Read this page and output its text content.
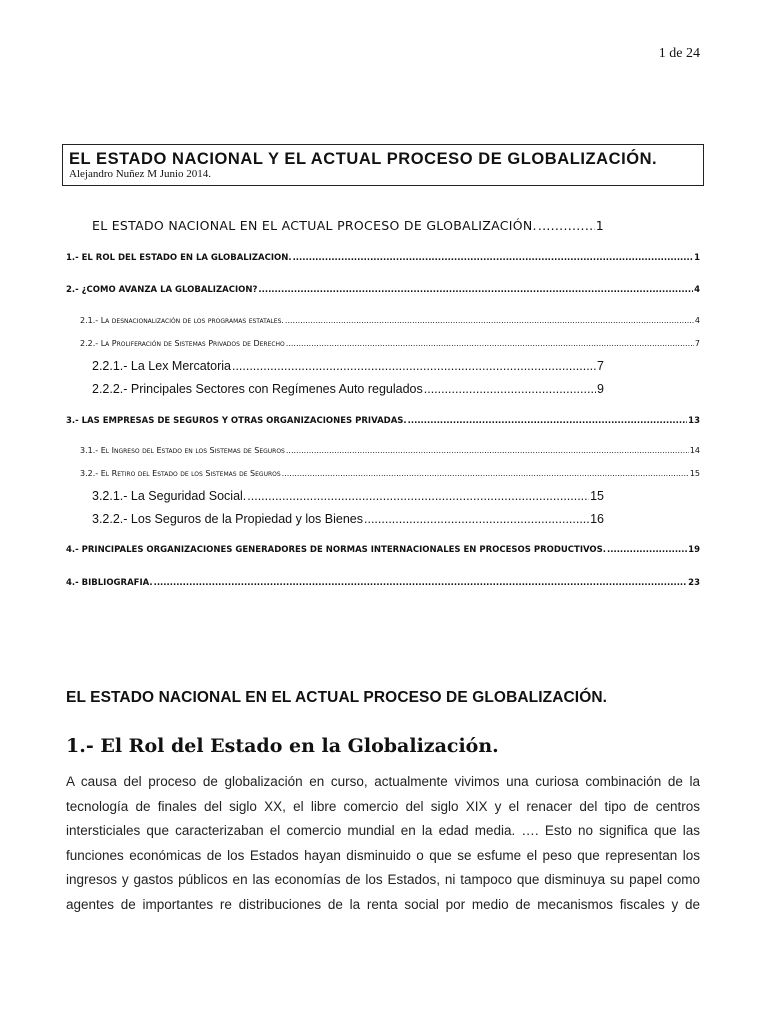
1 de 24
EL ESTADO NACIONAL Y EL ACTUAL PROCESO DE GLOBALIZACIÓN.
Alejandro Nuñez M Junio 2014.
EL ESTADO NACIONAL EN EL ACTUAL PROCESO DE GLOBALIZACIÓN. .....	1
1.- EL ROL DEL ESTADO EN LA GLOBALIZACIÓN. .....	1
2.- ¿CÓMO AVANZA LA GLOBALIZACIÓN? .....	4
2.1.- La desnacionalización de los programas estatales. .....	4
2.2.- La Proliferación de Sistemas Privados de Derecho .....	7
2.2.1.- La Lex Mercatoria .....	7
2.2.2.- Principales Sectores con Regímenes Auto regulados .....	9
3.- LAS EMPRESAS DE SEGUROS Y OTRAS ORGANIZACIONES PRIVADAS. .....	13
3.1.- El Ingreso del Estado en los Sistemas de Seguros .....	14
3.2.- El Retiro del Estado de los Sistemas de Seguros .....	15
3.2.1.- La Seguridad Social. .....	15
3.2.2.- Los Seguros de la Propiedad y los Bienes .....	16
4.- PRINCIPALES ORGANIZACIONES GENERADORES DE NORMAS INTERNACIONALES EN PROCESOS PRODUCTIVOS. .....	19
4.- BIBLIOGRAFÍA. .....	23
EL ESTADO NACIONAL EN EL ACTUAL PROCESO DE GLOBALIZACIÓN.
1.- El Rol del Estado en la Globalización.
A causa del proceso de globalización en curso, actualmente vivimos una curiosa combinación de la
tecnología de finales del siglo XX, el libre comercio del siglo XIX y el renacer del tipo de centros
intersticiales que caracterizaban el comercio mundial en la edad media. …. Esto no significa que las
funciones económicas de los Estados hayan disminuido o que se esfume el peso que representan los
ingresos y gastos públicos en las economías de los Estados, ni tampoco que disminuya su papel como
agentes de importantes re distribuciones de la renta social por medio de mecanismos fiscales y de
